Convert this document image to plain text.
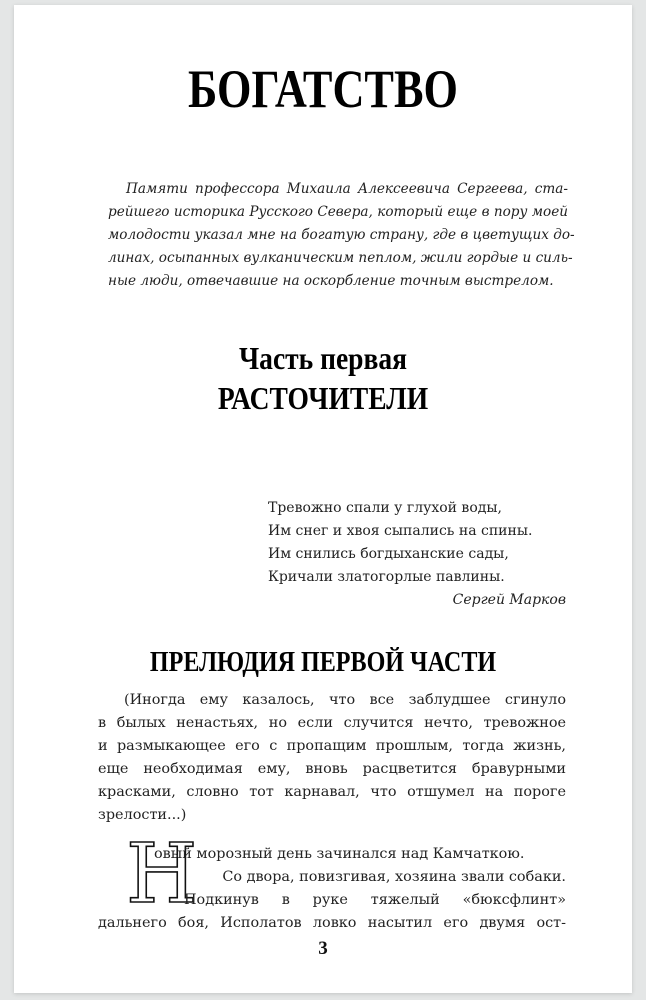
БОГАТСТВО
Памяти профессора Михаила Алексеевича Сергеева, ста-
рейшего историка Русского Севера, который еще в пору моей
молодости указал мне на богатую страну, где в цветущих до-
линах, осыпанных вулканическим пеплом, жили гордые и силь-
ные люди, отвечавшие на оскорбление точным выстрелом.
Часть первая
РАСТОЧИТЕЛИ
Тревожно спали у глухой воды,
Им снег и хвоя сыпались на спины.
Им снились богдыханские сады,
Кричали златогорлые павлины.
Сергей Марков
ПРЕЛЮДИЯ ПЕРВОЙ ЧАСТИ
(Иногда ему казалось, что все заблудшее сгинуло
в былых ненастьях, но если случится нечто, тревожное
и размыкающее его с пропащим прошлым, тогда жизнь,
еще необходимая ему, вновь расцветится бравурными
красками, словно тот карнавал, что отшумел на пороге
зрелости...)
Н
овый морозный день зачинался над Камчаткою.
Со двора, повизгивая, хозяина звали собаки.
Подкинув в руке тяжелый «бюксфлинт»
дальнего боя, Исполатов ловко насытил его двумя ост-
3
